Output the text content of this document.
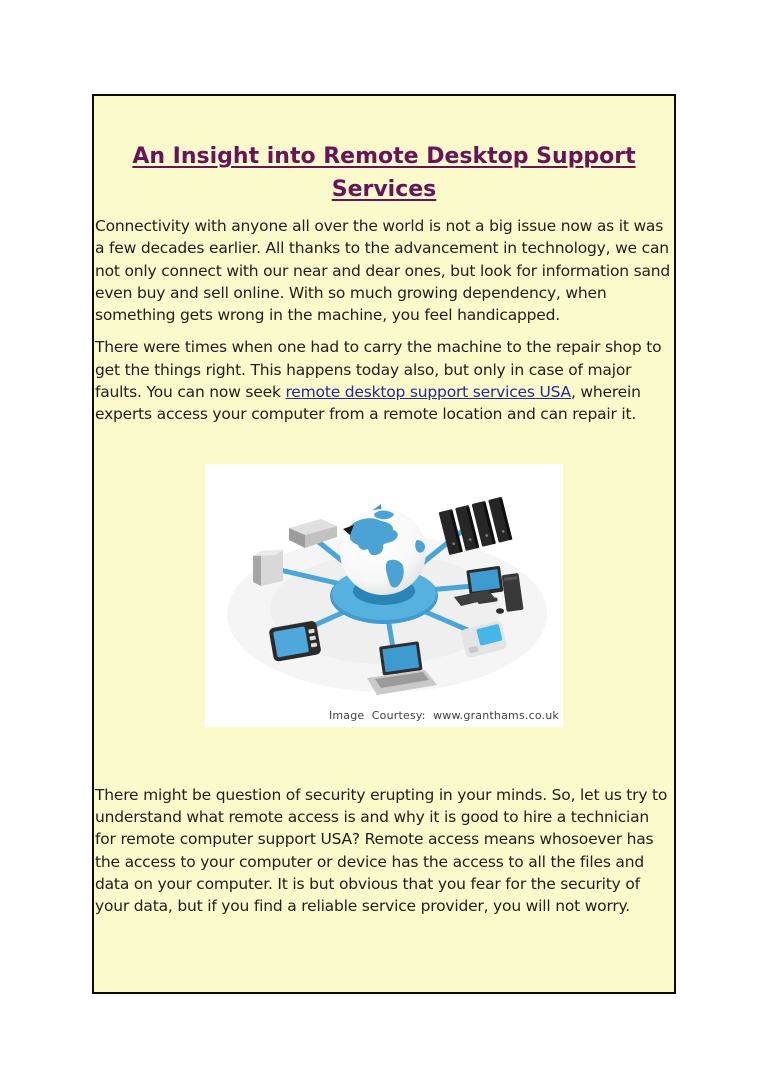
An Insight into Remote Desktop Support Services

Connectivity with anyone all over the world is not a big issue now as it was a few decades earlier. All thanks to the advancement in technology, we can not only connect with our near and dear ones, but look for information sand even buy and sell online. With so much growing dependency, when something gets wrong in the machine, you feel handicapped.

There were times when one had to carry the machine to the repair shop to get the things right. This happens today also, but only in case of major faults. You can now seek remote desktop support services USA, wherein experts access your computer from a remote location and can repair it.

Image  Courtesy:  www.granthams.co.uk

There might be question of security erupting in your minds. So, let us try to understand what remote access is and why it is good to hire a technician for remote computer support USA? Remote access means whosoever has the access to your computer or device has the access to all the files and data on your computer. It is but obvious that you fear for the security of your data, but if you find a reliable service provider, you will not worry.
